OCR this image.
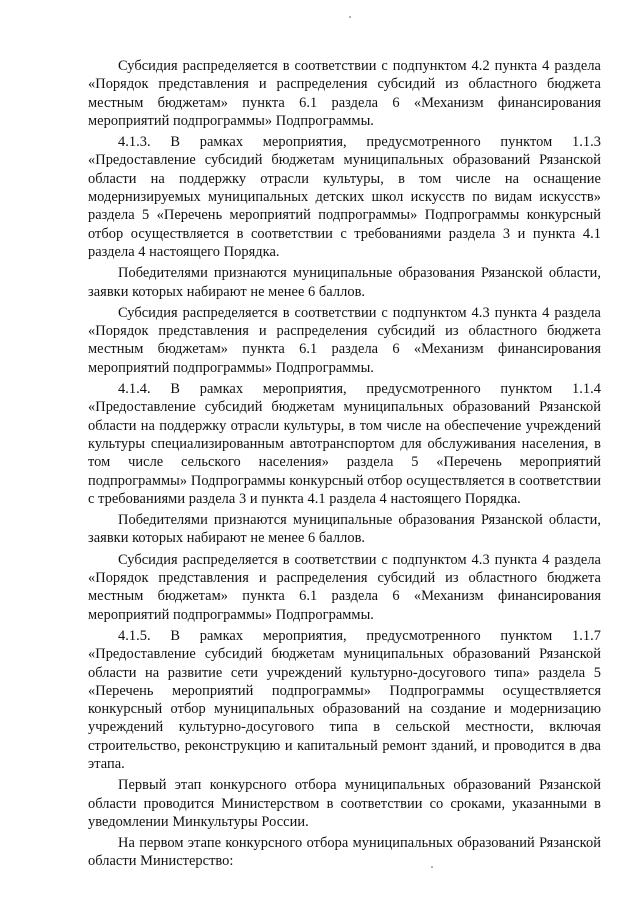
Субсидия распределяется в соответствии с подпунктом 4.2 пункта 4 раздела «Порядок представления и распределения субсидий из областного бюджета местным бюджетам» пункта 6.1 раздела 6 «Механизм финансирования мероприятий подпрограммы» Подпрограммы.

4.1.3. В рамках мероприятия, предусмотренного пунктом 1.1.3 «Предоставление субсидий бюджетам муниципальных образований Рязанской области на поддержку отрасли культуры, в том числе на оснащение модернизируемых муниципальных детских школ искусств по видам искусств» раздела 5 «Перечень мероприятий подпрограммы» Подпрограммы конкурсный отбор осуществляется в соответствии с требованиями раздела 3 и пункта 4.1 раздела 4 настоящего Порядка.

Победителями признаются муниципальные образования Рязанской области, заявки которых набирают не менее 6 баллов.

Субсидия распределяется в соответствии с подпунктом 4.3 пункта 4 раздела «Порядок представления и распределения субсидий из областного бюджета местным бюджетам» пункта 6.1 раздела 6 «Механизм финансирования мероприятий подпрограммы» Подпрограммы.

4.1.4. В рамках мероприятия, предусмотренного пунктом 1.1.4 «Предоставление субсидий бюджетам муниципальных образований Рязанской области на поддержку отрасли культуры, в том числе на обеспечение учреждений культуры специализированным автотранспортом для обслуживания населения, в том числе сельского населения» раздела 5 «Перечень мероприятий подпрограммы» Подпрограммы конкурсный отбор осуществляется в соответствии с требованиями раздела 3 и пункта 4.1 раздела 4 настоящего Порядка.

Победителями признаются муниципальные образования Рязанской области, заявки которых набирают не менее 6 баллов.

Субсидия распределяется в соответствии с подпунктом 4.3 пункта 4 раздела «Порядок представления и распределения субсидий из областного бюджета местным бюджетам» пункта 6.1 раздела 6 «Механизм финансирования мероприятий подпрограммы» Подпрограммы.

4.1.5. В рамках мероприятия, предусмотренного пунктом 1.1.7 «Предоставление субсидий бюджетам муниципальных образований Рязанской области на развитие сети учреждений культурно-досугового типа» раздела 5 «Перечень мероприятий подпрограммы» Подпрограммы осуществляется конкурсный отбор муниципальных образований на создание и модернизацию учреждений культурно-досугового типа в сельской местности, включая строительство, реконструкцию и капитальный ремонт зданий, и проводится в два этапа.

Первый этап конкурсного отбора муниципальных образований Рязанской области проводится Министерством в соответствии со сроками, указанными в уведомлении Минкультуры России.

На первом этапе конкурсного отбора муниципальных образований Рязанской области Министерство:
